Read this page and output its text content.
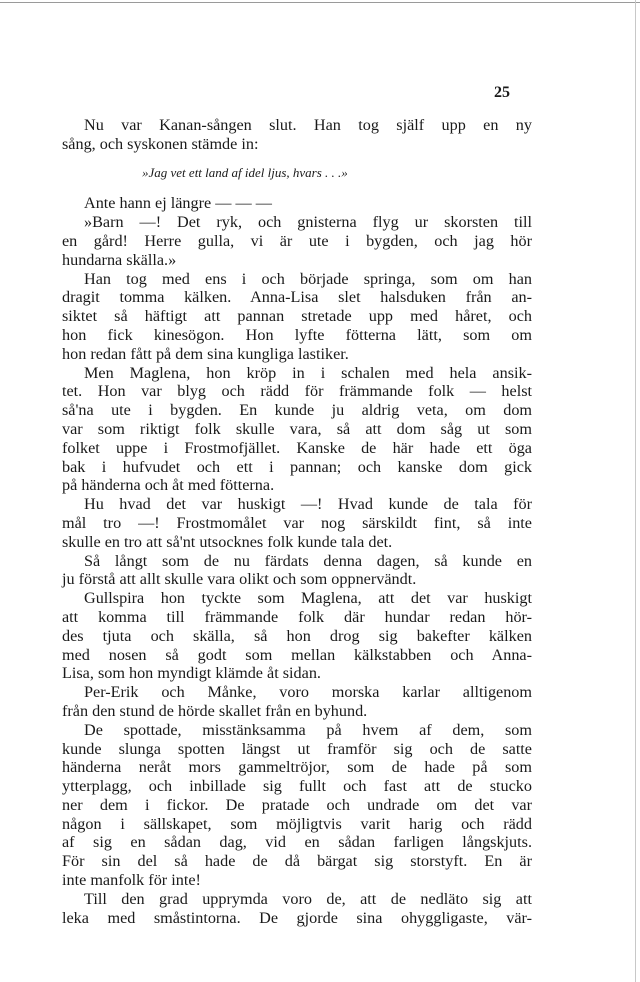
25
Nu var Kanan-sången slut. Han tog själf upp en ny
sång, och syskonen stämde in:
»Jag vet ett land af idel ljus, hvars . . .»
Ante hann ej längre — — —
»Barn —! Det ryk, och gnisterna flyg ur skorsten till
en gård! Herre gulla, vi är ute i bygden, och jag hör
hundarna skälla.»
Han tog med ens i och började springa, som om han
dragit tomma kälken. Anna-Lisa slet halsduken från an-
siktet så häftigt att pannan stretade upp med håret, och
hon fick kinesögon. Hon lyfte fötterna lätt, som om
hon redan fått på dem sina kungliga lastiker.
Men Maglena, hon kröp in i schalen med hela ansik-
tet. Hon var blyg och rädd för främmande folk — helst
så'na ute i bygden. En kunde ju aldrig veta, om dom
var som riktigt folk skulle vara, så att dom såg ut som
folket uppe i Frostmofjället. Kanske de här hade ett öga
bak i hufvudet och ett i pannan; och kanske dom gick
på händerna och åt med fötterna.
Hu hvad det var huskigt —! Hvad kunde de tala för
mål tro —! Frostmomålet var nog särskildt fint, så inte
skulle en tro att så'nt utsocknes folk kunde tala det.
Så långt som de nu färdats denna dagen, så kunde en
ju förstå att allt skulle vara olikt och som oppnervändt.
Gullspira hon tyckte som Maglena, att det var huskigt
att komma till främmande folk där hundar redan hör-
des tjuta och skälla, så hon drog sig bakefter kälken
med nosen så godt som mellan kälkstabben och Anna-
Lisa, som hon myndigt klämde åt sidan.
Per-Erik och Månke, voro morska karlar alltigenom
från den stund de hörde skallet från en byhund.
De spottade, misstänksamma på hvem af dem, som
kunde slunga spotten längst ut framför sig och de satte
händerna neråt mors gammeltröjor, som de hade på som
ytterplagg, och inbillade sig fullt och fast att de stucko
ner dem i fickor. De pratade och undrade om det var
någon i sällskapet, som möjligtvis varit harig och rädd
af sig en sådan dag, vid en sådan farligen långskjuts.
För sin del så hade de då bärgat sig storstyft. En är
inte manfolk för inte!
Till den grad upprymda voro de, att de nedläto sig att
leka med småstintorna. De gjorde sina ohyggligaste, vär-
